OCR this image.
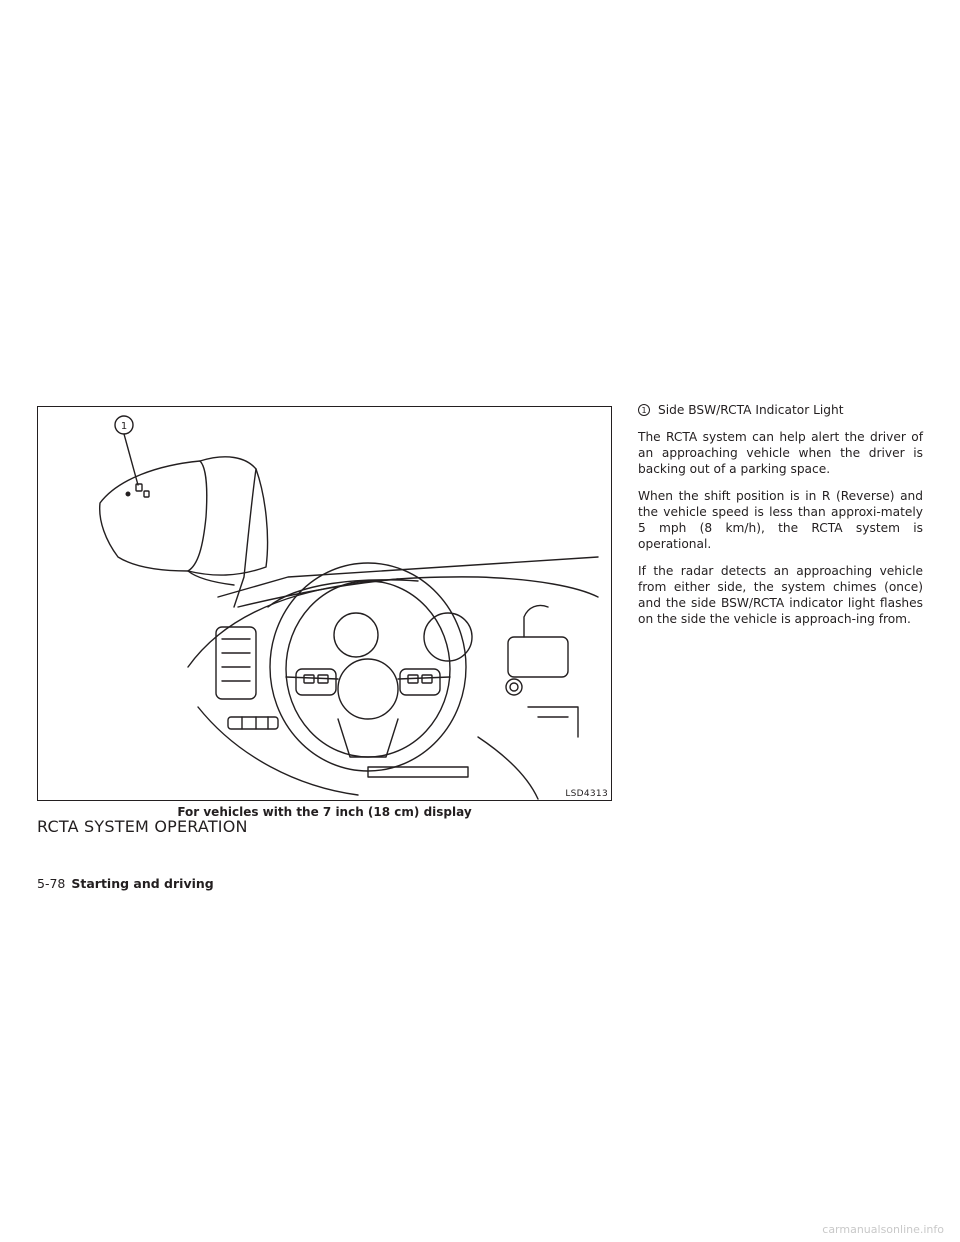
1
LSD4313
For vehicles with the 7 inch (18 cm) display
RCTA SYSTEM OPERATION

1 Side BSW/RCTA Indicator Light

The RCTA system can help alert the driver of an approaching vehicle when the driver is backing out of a parking space.

When the shift position is in R (Reverse) and the vehicle speed is less than approxi-mately 5 mph (8 km/h), the RCTA system is operational.

If the radar detects an approaching vehicle from either side, the system chimes (once) and the side BSW/RCTA indicator light flashes on the side the vehicle is approach-ing from.

5-78 Starting and driving
carmanualsonline.info
